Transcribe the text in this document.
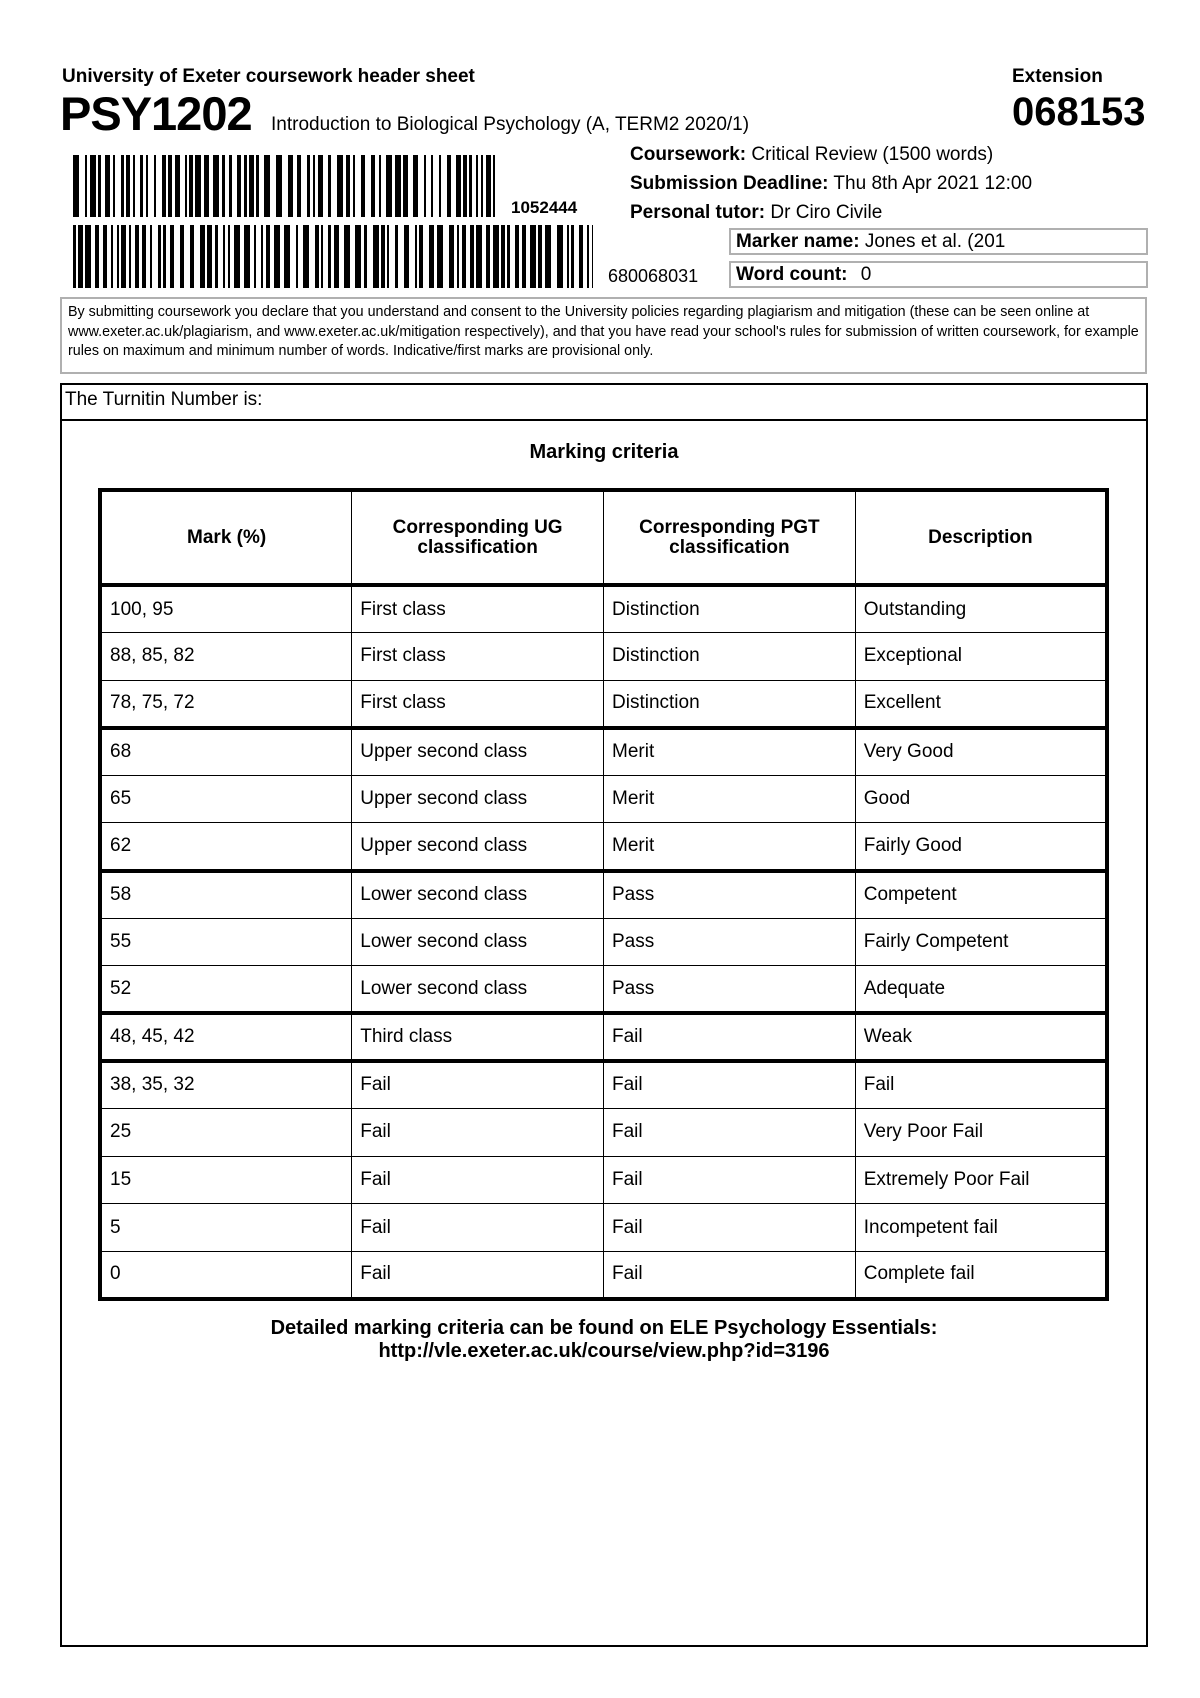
University of Exeter coursework header sheet
PSY1202 Introduction to Biological Psychology (A, TERM2 2020/1)
Extension
068153
1052444
680068031
Coursework: Critical Review (1500 words)
Submission Deadline: Thu 8th Apr 2021 12:00
Personal tutor: Dr Ciro Civile
Marker name: Jones et al. (201
Word count: 0
By submitting coursework you declare that you understand and consent to the University policies regarding plagiarism and mitigation (these can be seen online at www.exeter.ac.uk/plagiarism, and www.exeter.ac.uk/mitigation respectively), and that you have read your school's rules for submission of written coursework, for example rules on maximum and minimum number of words. Indicative/first marks are provisional only.
The Turnitin Number is:
Marking criteria
Mark (%)	Corresponding UG classification	Corresponding PGT classification	Description
100, 95	First class	Distinction	Outstanding
88, 85, 82	First class	Distinction	Exceptional
78, 75, 72	First class	Distinction	Excellent
68	Upper second class	Merit	Very Good
65	Upper second class	Merit	Good
62	Upper second class	Merit	Fairly Good
58	Lower second class	Pass	Competent
55	Lower second class	Pass	Fairly Competent
52	Lower second class	Pass	Adequate
48, 45, 42	Third class	Fail	Weak
38, 35, 32	Fail	Fail	Fail
25	Fail	Fail	Very Poor Fail
15	Fail	Fail	Extremely Poor Fail
5	Fail	Fail	Incompetent fail
0	Fail	Fail	Complete fail
Detailed marking criteria can be found on ELE Psychology Essentials:
http://vle.exeter.ac.uk/course/view.php?id=3196
